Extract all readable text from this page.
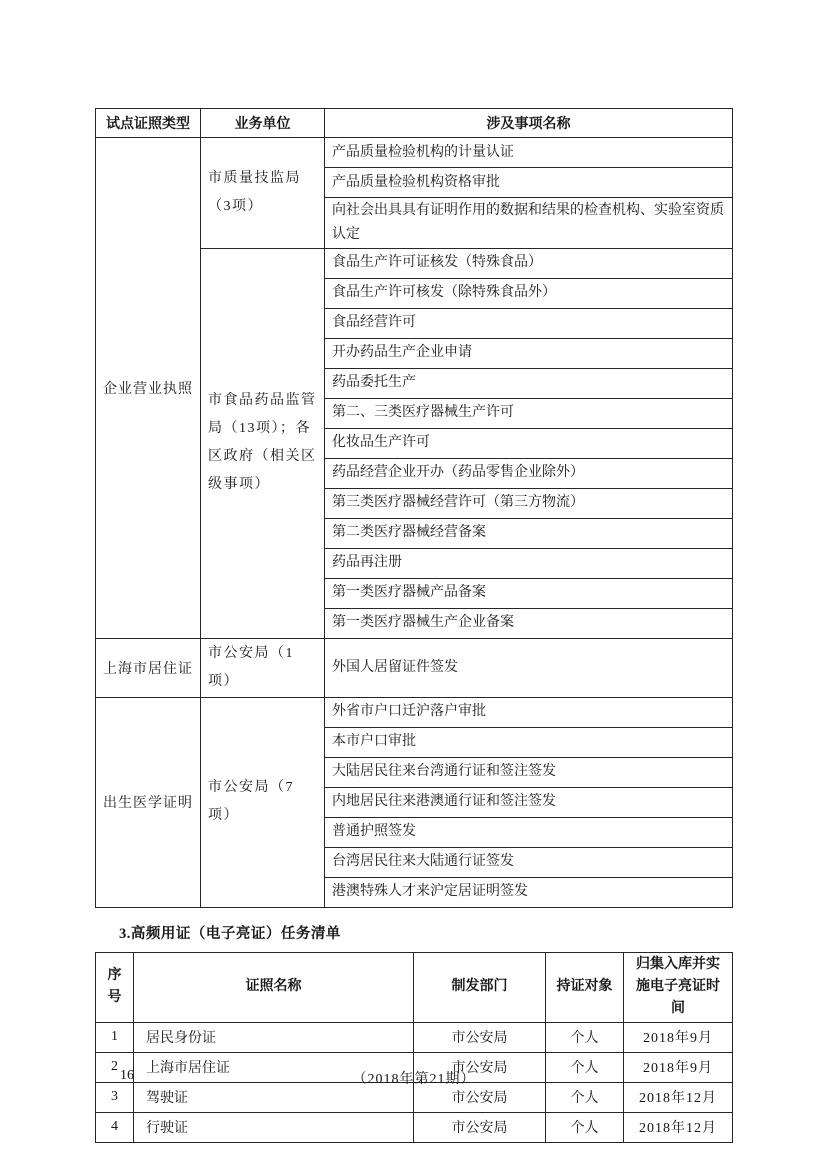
试点证照类型	业务单位	涉及事项名称
企业营业执照	市质量技监局（3项）	产品质量检验机构的计量认证
		产品质量检验机构资格审批
		向社会出具具有证明作用的数据和结果的检查机构、实验室资质认定
	市食品药品监管局（13项）；各区政府（相关区级事项）	食品生产许可证核发（特殊食品）
		食品生产许可核发（除特殊食品外）
		食品经营许可
		开办药品生产企业申请
		药品委托生产
		第二、三类医疗器械生产许可
		化妆品生产许可
		药品经营企业开办（药品零售企业除外）
		第三类医疗器械经营许可（第三方物流）
		第二类医疗器械经营备案
		药品再注册
		第一类医疗器械产品备案
		第一类医疗器械生产企业备案
上海市居住证	市公安局（1项）	外国人居留证件签发
出生医学证明	市公安局（7项）	外省市户口迁沪落户审批
		本市户口审批
		大陆居民往来台湾通行证和签注签发
		内地居民往来港澳通行证和签注签发
		普通护照签发
		台湾居民往来大陆通行证签发
		港澳特殊人才来沪定居证明签发
3.高频用证（电子亮证）任务清单
序号	证照名称	制发部门	持证对象	归集入库并实施电子亮证时间
1	居民身份证	市公安局	个人	2018年9月
2	上海市居住证	市公安局	个人	2018年9月
3	驾驶证	市公安局	个人	2018年12月
4	行驶证	市公安局	个人	2018年12月
16	（2018年第21期）
